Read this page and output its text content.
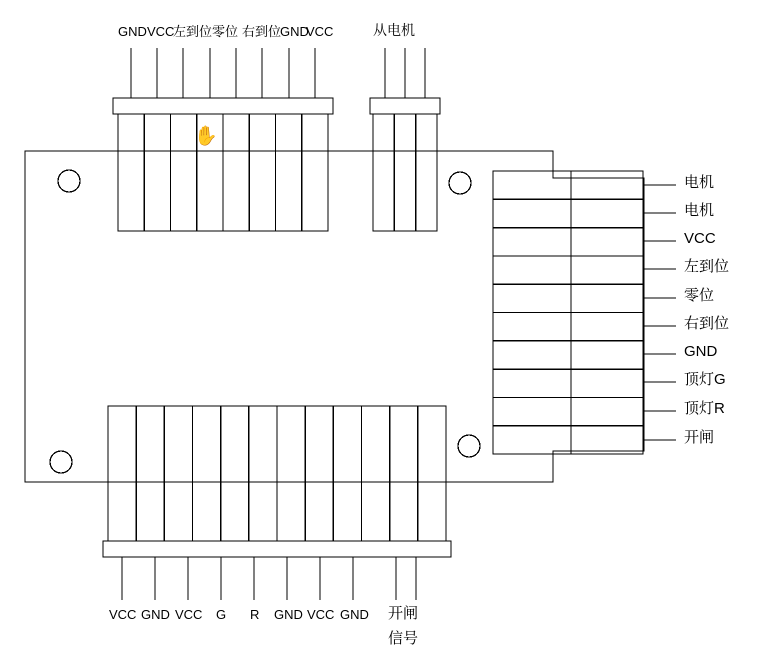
GND VCC
左到位 零位 右到位
GND
VCC	从电机
电机
电机
VCC
左到位
零位
右到位
GND
顶灯G
顶灯R
开闸
VCC GND VCC G R GND VCC GND 开闸
信号
✋
